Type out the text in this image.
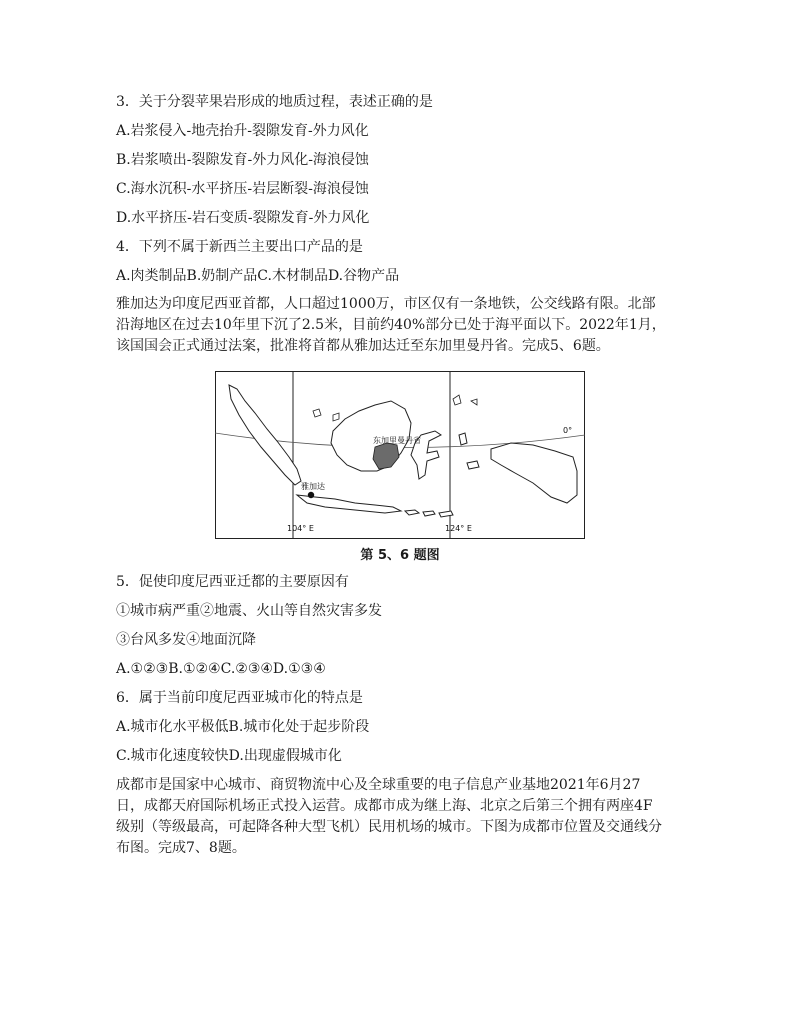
3．关于分裂苹果岩形成的地质过程，表述正确的是
A.岩浆侵入-地壳抬升-裂隙发育-外力风化
B.岩浆喷出-裂隙发育-外力风化-海浪侵蚀
C.海水沉积-水平挤压-岩层断裂-海浪侵蚀
D.水平挤压-岩石变质-裂隙发育-外力风化
4．下列不属于新西兰主要出口产品的是
A.肉类制品B.奶制产品C.木材制品D.谷物产品
雅加达为印度尼西亚首都，人口超过1000万，市区仅有一条地铁，公交线路有限。北部
沿海地区在过去10年里下沉了2.5米，目前约40%部分已处于海平面以下。2022年1月，
该国国会正式通过法案，批准将首都从雅加达迁至东加里曼丹省。完成5、6题。
东加里曼丹省
雅加达
0°
104° E	124° E
第 5、6 题图
5．促使印度尼西亚迁都的主要原因有
①城市病严重②地震、火山等自然灾害多发
③台风多发④地面沉降
A.①②③B.①②④C.②③④D.①③④
6．属于当前印度尼西亚城市化的特点是
A.城市化水平极低B.城市化处于起步阶段
C.城市化速度较快D.出现虚假城市化
成都市是国家中心城市、商贸物流中心及全球重要的电子信息产业基地2021年6月27
日，成都天府国际机场正式投入运营。成都市成为继上海、北京之后第三个拥有两座4F
级别（等级最高，可起降各种大型飞机）民用机场的城市。下图为成都市位置及交通线分
布图。完成7、8题。
